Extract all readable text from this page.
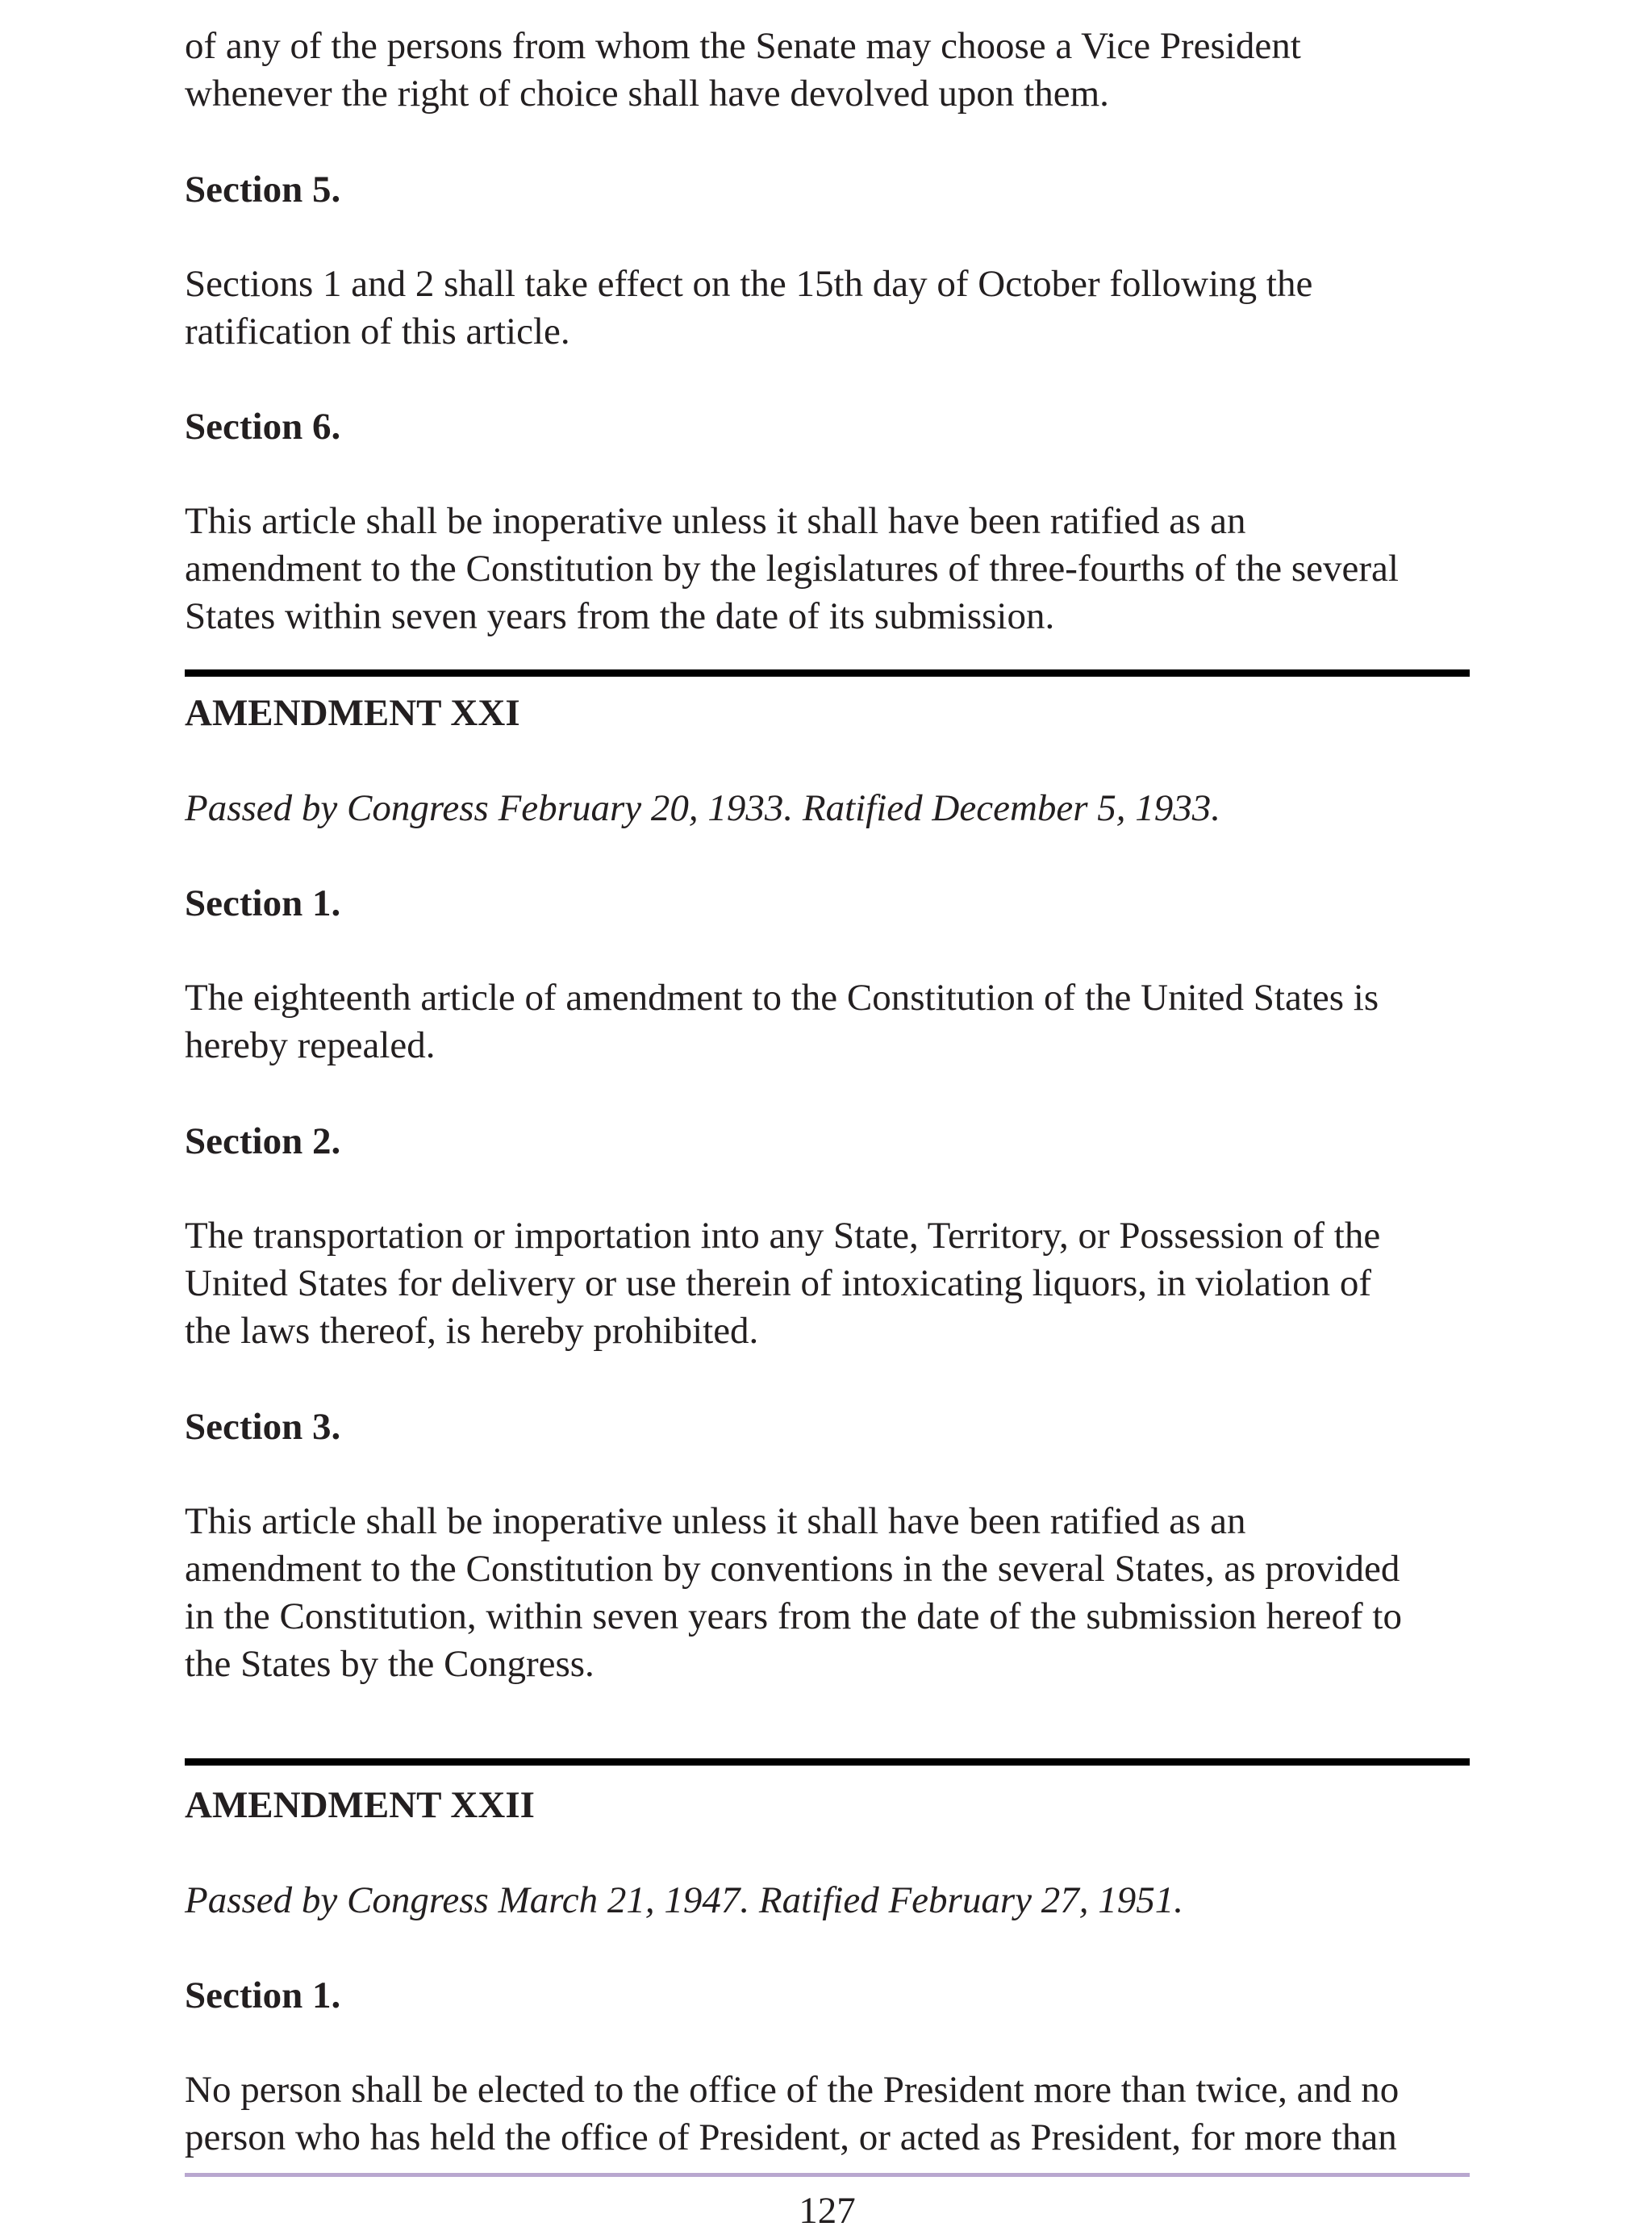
of any of the persons from whom the Senate may choose a Vice President
whenever the right of choice shall have devolved upon them.

Section 5.

Sections 1 and 2 shall take effect on the 15th day of October following the
ratification of this article.

Section 6.

This article shall be inoperative unless it shall have been ratified as an
amendment to the Constitution by the legislatures of three-fourths of the several
States within seven years from the date of its submission.

AMENDMENT XXI

Passed by Congress February 20, 1933. Ratified December 5, 1933.

Section 1.

The eighteenth article of amendment to the Constitution of the United States is
hereby repealed.

Section 2.

The transportation or importation into any State, Territory, or Possession of the
United States for delivery or use therein of intoxicating liquors, in violation of
the laws thereof, is hereby prohibited.

Section 3.

This article shall be inoperative unless it shall have been ratified as an
amendment to the Constitution by conventions in the several States, as provided
in the Constitution, within seven years from the date of the submission hereof to
the States by the Congress.

AMENDMENT XXII

Passed by Congress March 21, 1947. Ratified February 27, 1951.

Section 1.

No person shall be elected to the office of the President more than twice, and no
person who has held the office of President, or acted as President, for more than

127
